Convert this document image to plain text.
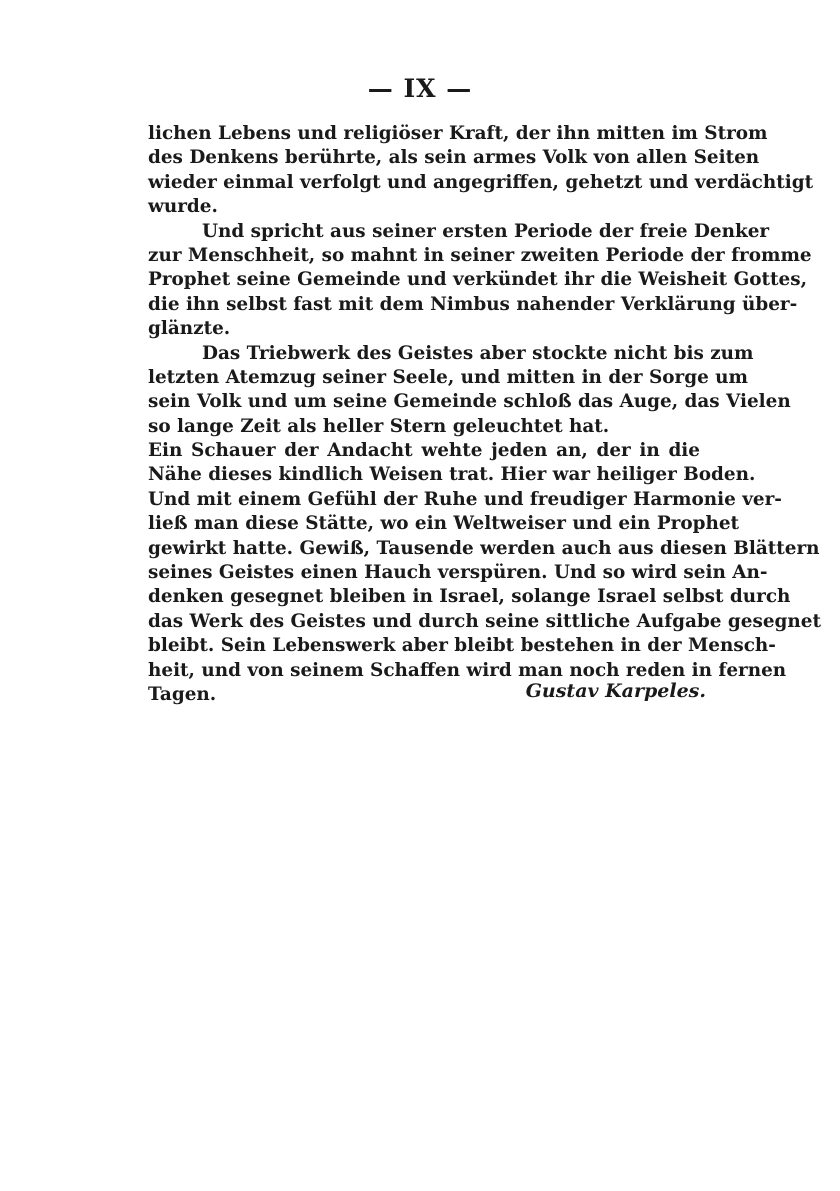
— IX —
lichen Lebens und religiöser Kraft, der ihn mitten im Strom
des Denkens berührte, als sein armes Volk von allen Seiten
wieder einmal verfolgt und angegriffen, gehetzt und verdächtigt
wurde.
Und spricht aus seiner ersten Periode der freie Denker
zur Menschheit, so mahnt in seiner zweiten Periode der fromme
Prophet seine Gemeinde und verkündet ihr die Weisheit Gottes,
die ihn selbst fast mit dem Nimbus nahender Verklärung über-
glänzte.
Das Triebwerk des Geistes aber stockte nicht bis zum
letzten Atemzug seiner Seele, und mitten in der Sorge um
sein Volk und um seine Gemeinde schloß das Auge, das Vielen
so lange Zeit als heller Stern geleuchtet hat.
Ein Schauer der Andacht wehte jeden an, der in die
Nähe dieses kindlich Weisen trat. Hier war heiliger Boden.
Und mit einem Gefühl der Ruhe und freudiger Harmonie ver-
ließ man diese Stätte, wo ein Weltweiser und ein Prophet
gewirkt hatte. Gewiß, Tausende werden auch aus diesen Blättern
seines Geistes einen Hauch verspüren. Und so wird sein An-
denken gesegnet bleiben in Israel, solange Israel selbst durch
das Werk des Geistes und durch seine sittliche Aufgabe gesegnet
bleibt. Sein Lebenswerk aber bleibt bestehen in der Mensch-
heit, und von seinem Schaffen wird man noch reden in fernen
Tagen.	Gustav Karpeles.
